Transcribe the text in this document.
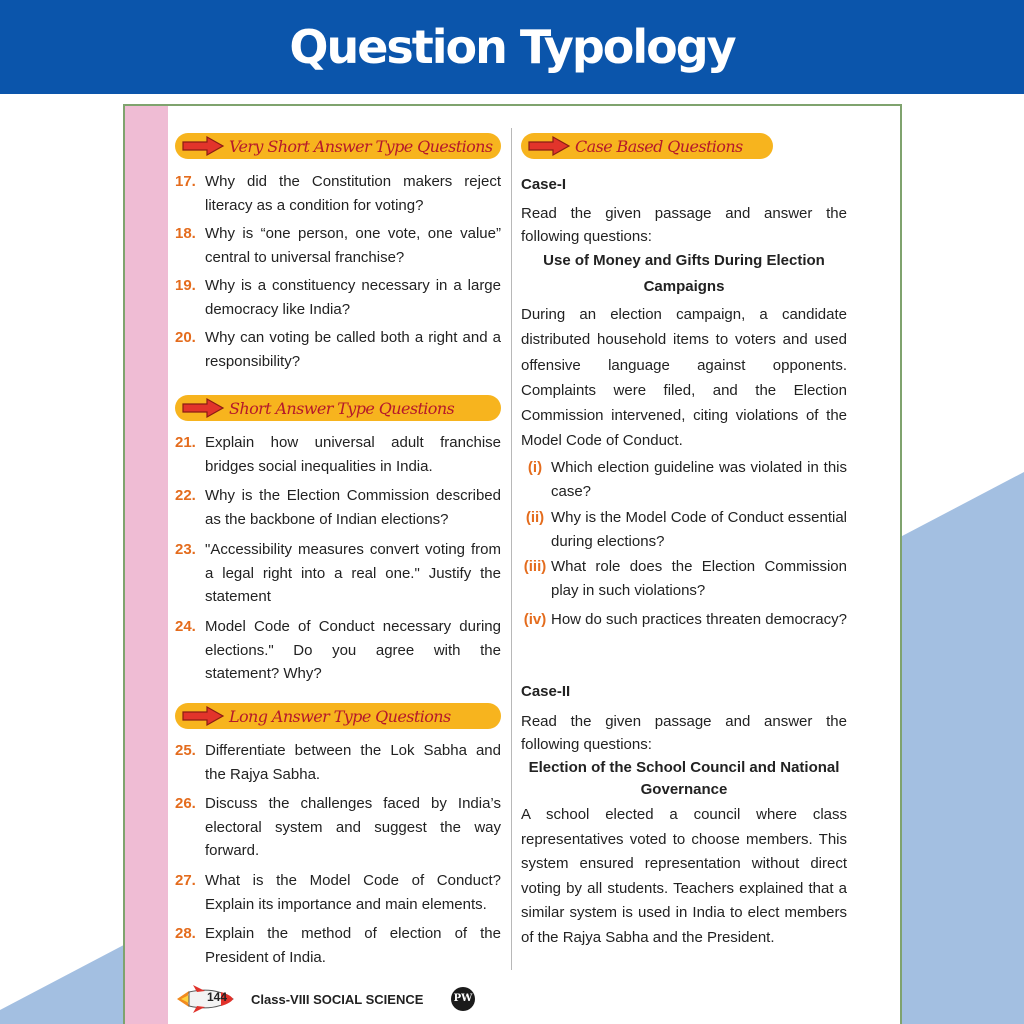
Question Typology
Very Short Answer Type Questions
17. Why did the Constitution makers reject literacy as a condition for voting?
18. Why is “one person, one vote, one value” central to universal franchise?
19. Why is a constituency necessary in a large democracy like India?
20. Why can voting be called both a right and a responsibility?
Short Answer Type Questions
21. Explain how universal adult franchise bridges social inequalities in India.
22. Why is the Election Commission described as the backbone of Indian elections?
23. "Accessibility measures convert voting from a legal right into a real one." Justify the statement
24. Model Code of Conduct necessary during elections." Do you agree with the statement? Why?
Long Answer Type Questions
25. Differentiate between the Lok Sabha and the Rajya Sabha.
26. Discuss the challenges faced by India’s electoral system and suggest the way forward.
27. What is the Model Code of Conduct? Explain its importance and main elements.
28. Explain the method of election of the President of India.
144 Class-VIII SOCIAL SCIENCE	PW
Case Based Questions
Case-I
Read the given passage and answer the following questions:
Use of Money and Gifts During Election Campaigns
During an election campaign, a candidate distributed household items to voters and used offensive language against opponents. Complaints were filed, and the Election Commission intervened, citing violations of the Model Code of Conduct.
(i) Which election guideline was violated in this case?
(ii) Why is the Model Code of Conduct essential during elections?
(iii) What role does the Election Commission play in such violations?
(iv) How do such practices threaten democracy?
Case-II
Read the given passage and answer the following questions:
Election of the School Council and National Governance
A school elected a council where class representatives voted to choose members. This system ensured representation without direct voting by all students. Teachers explained that a similar system is used in India to elect members of the Rajya Sabha and the President.
